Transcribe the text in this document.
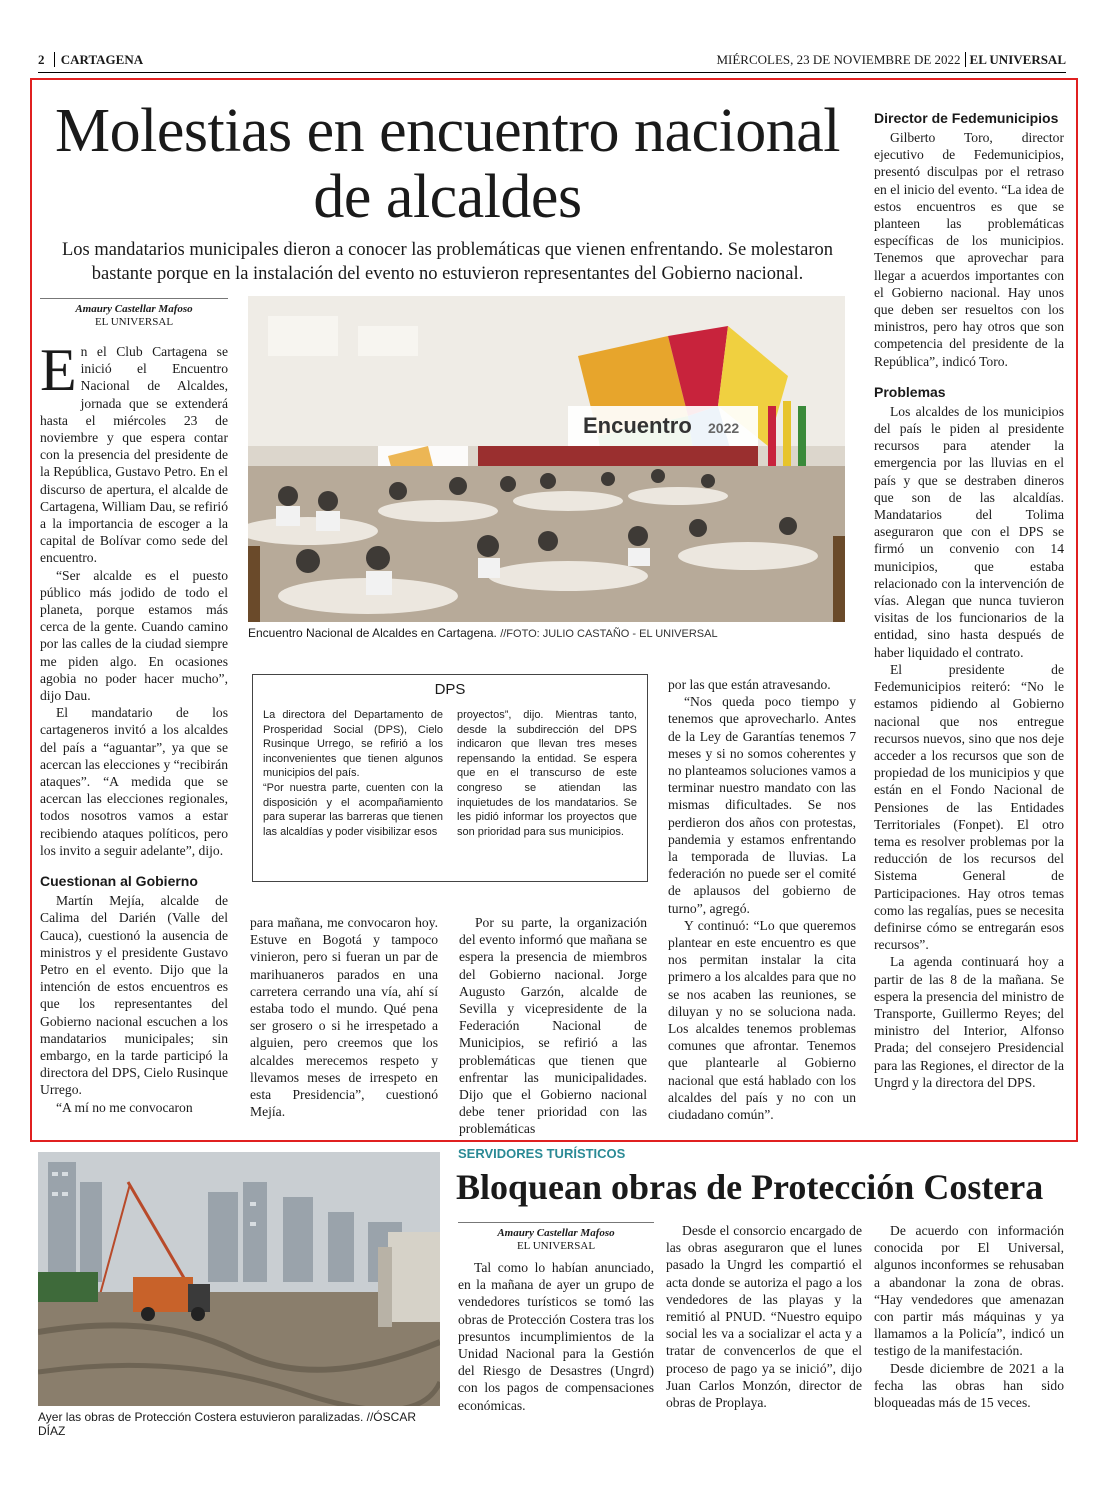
2 CARTAGENA	MIÉRCOLES, 23 DE NOVIEMBRE DE 2022 EL UNIVERSAL
Molestias en encuentro nacional de alcaldes
Los mandatarios municipales dieron a conocer las problemáticas que vienen enfrentando. Se molestaron bastante porque en la instalación del evento no estuvieron representantes del Gobierno nacional.
Amaury Castellar Mafoso
EL UNIVERSAL

En el Club Cartagena se inició el Encuentro Nacional de Alcaldes, jornada que se extenderá hasta el miércoles 23 de noviembre y que espera contar con la presencia del presidente de la República, Gustavo Petro. En el discurso de apertura, el alcalde de Cartagena, William Dau, se refirió a la importancia de escoger a la capital de Bolívar como sede del encuentro.

“Ser alcalde es el puesto público más jodido de todo el planeta, porque estamos más cerca de la gente. Cuando camino por las calles de la ciudad siempre me piden algo. En ocasiones agobia no poder hacer mucho”, dijo Dau.

El mandatario de los cartageneros invitó a los alcaldes del país a “aguantar”, ya que se acercan las elecciones y “recibirán ataques”. “A medida que se acercan las elecciones regionales, todos nosotros vamos a estar recibiendo ataques políticos, pero los invito a seguir adelante”, dijo.

Cuestionan al Gobierno

Martín Mejía, alcalde de Calima del Darién (Valle del Cauca), cuestionó la ausencia de ministros y el presidente Gustavo Petro en el evento. Dijo que la intención de estos encuentros es que los representantes del Gobierno nacional escuchen a los mandatarios municipales; sin embargo, en la tarde participó la directora del DPS, Cielo Rusinque Urrego.

“A mí no me convocaron

Encuentro 2022
Encuentro Nacional de Alcaldes en Cartagena. //FOTO: JULIO CASTAÑO - EL UNIVERSAL
DPS
La directora del Departamento de Prosperidad Social (DPS), Cielo Rusinque Urrego, se refirió a los inconvenientes que tienen algunos municipios del país.
“Por nuestra parte, cuenten con la disposición y el acompañamiento para superar las barreras que tienen las alcaldías y poder visibilizar esos
proyectos”, dijo. Mientras tanto, desde la subdirección del DPS indicaron que llevan tres meses repensando la entidad. Se espera que en el transcurso de este congreso se atiendan las inquietudes de los mandatarios. Se les pidió informar los proyectos que son prioridad para sus municipios.

para mañana, me convocaron hoy. Estuve en Bogotá y tampoco vinieron, pero si fueran un par de marihuaneros parados en una carretera cerrando una vía, ahí sí estaba todo el mundo. Qué pena ser grosero o si he irrespetado a alguien, pero creemos que los alcaldes merecemos respeto y llevamos meses de irrespeto en esta Presidencia”, cuestionó Mejía.

Por su parte, la organización del evento informó que mañana se espera la presencia de miembros del Gobierno nacional. Jorge Augusto Garzón, alcalde de Sevilla y vicepresidente de la Federación Nacional de Municipios, se refirió a las problemáticas que tienen que enfrentar las municipalidades. Dijo que el Gobierno nacional debe tener prioridad con las problemáticas

por las que están atravesando.

“Nos queda poco tiempo y tenemos que aprovecharlo. Antes de la Ley de Garantías tenemos 7 meses y si no somos coherentes y no planteamos soluciones vamos a terminar nuestro mandato con las mismas dificultades. Se nos perdieron dos años con protestas, pandemia y estamos enfrentando la temporada de lluvias. La federación no puede ser el comité de aplausos del gobierno de turno”, agregó.

Y continuó: “Lo que queremos plantear en este encuentro es que nos permitan instalar la cita primero a los alcaldes para que no se nos acaben las reuniones, se diluyan y no se soluciona nada. Los alcaldes tenemos problemas comunes que afrontar. Tenemos que plantearle al Gobierno nacional que está hablado con los alcaldes del país y no con un ciudadano común”.

Director de Fedemunicipios

Gilberto Toro, director ejecutivo de Fedemunicipios, presentó disculpas por el retraso en el inicio del evento. “La idea de estos encuentros es que se planteen las problemáticas específicas de los municipios. Tenemos que aprovechar para llegar a acuerdos importantes con el Gobierno nacional. Hay unos que deben ser resueltos con los ministros, pero hay otros que son competencia del presidente de la República”, indicó Toro.

Problemas

Los alcaldes de los municipios del país le piden al presidente recursos para atender la emergencia por las lluvias en el país y que se destraben dineros que son de las alcaldías. Mandatarios del Tolima aseguraron que con el DPS se firmó un convenio con 14 municipios, que estaba relacionado con la intervención de vías. Alegan que nunca tuvieron visitas de los funcionarios de la entidad, sino hasta después de haber liquidado el contrato.

El presidente de Fedemunicipios reiteró: “No le estamos pidiendo al Gobierno nacional que nos entregue recursos nuevos, sino que nos deje acceder a los recursos que son de propiedad de los municipios y que están en el Fondo Nacional de Pensiones de las Entidades Territoriales (Fonpet). El otro tema es resolver problemas por la reducción de los recursos del Sistema General de Participaciones. Hay otros temas como las regalías, pues se necesita definirse cómo se entregarán esos recursos”.

La agenda continuará hoy a partir de las 8 de la mañana. Se espera la presencia del ministro de Transporte, Guillermo Reyes; del ministro del Interior, Alfonso Prada; del consejero Presidencial para las Regiones, el director de la Ungrd y la directora del DPS.

Ayer las obras de Protección Costera estuvieron paralizadas. //ÓSCAR DÍAZ
SERVIDORES TURÍSTICOS
Bloquean obras de Protección Costera
Amaury Castellar Mafoso
EL UNIVERSAL

Tal como lo habían anunciado, en la mañana de ayer un grupo de vendedores turísticos se tomó las obras de Protección Costera tras los presuntos incumplimientos de la Unidad Nacional para la Gestión del Riesgo de Desastres (Ungrd) con los pagos de compensaciones económicas.

Desde el consorcio encargado de las obras aseguraron que el lunes pasado la Ungrd les compartió el acta donde se autoriza el pago a los vendedores de las playas y la remitió al PNUD. “Nuestro equipo social les va a socializar el acta y a tratar de convencerlos de que el proceso de pago ya se inició”, dijo Juan Carlos Monzón, director de obras de Proplaya.

De acuerdo con información conocida por El Universal, algunos inconformes se rehusaban a abandonar la zona de obras. “Hay vendedores que amenazan con partir más máquinas y ya llamamos a la Policía”, indicó un testigo de la manifestación.

Desde diciembre de 2021 a la fecha las obras han sido bloqueadas más de 15 veces.
